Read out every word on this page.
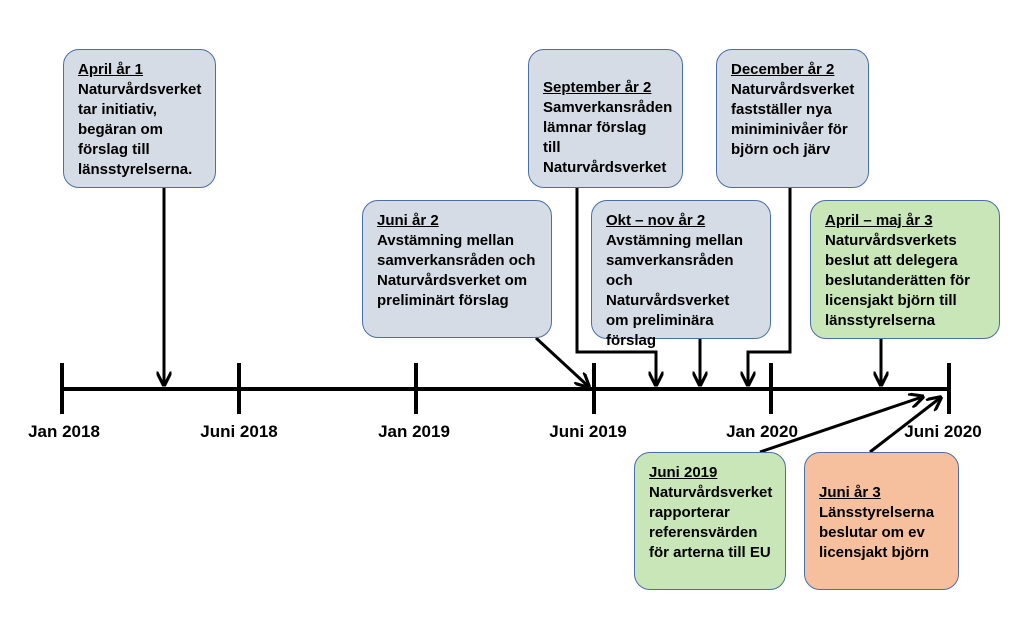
Jan 2018	Juni 2018	Jan 2019	Juni 2019	Jan 2020	Juni 2020
April år 1
Naturvårdsverket
tar initiativ,
begäran om
förslag till
länsstyrelserna.
Juni år 2
Avstämning mellan
samverkansråden och
Naturvårdsverket om
preliminärt förslag
September år 2
Samverkansråden
lämnar förslag till
Naturvårdsverket
Okt – nov år 2
Avstämning mellan
samverkansråden
och Naturvårdsverket
om preliminära
förslag
December år 2
Naturvårdsverket
fastställer nya
miniminivåer för
björn och järv
April – maj år 3
Naturvårdsverkets
beslut att delegera
beslutanderätten för
licensjakt björn till
länsstyrelserna
Juni 2019
Naturvårdsverket
rapporterar
referensvärden
för arterna till EU
Juni år 3
Länsstyrelserna
beslutar om ev
licensjakt björn
